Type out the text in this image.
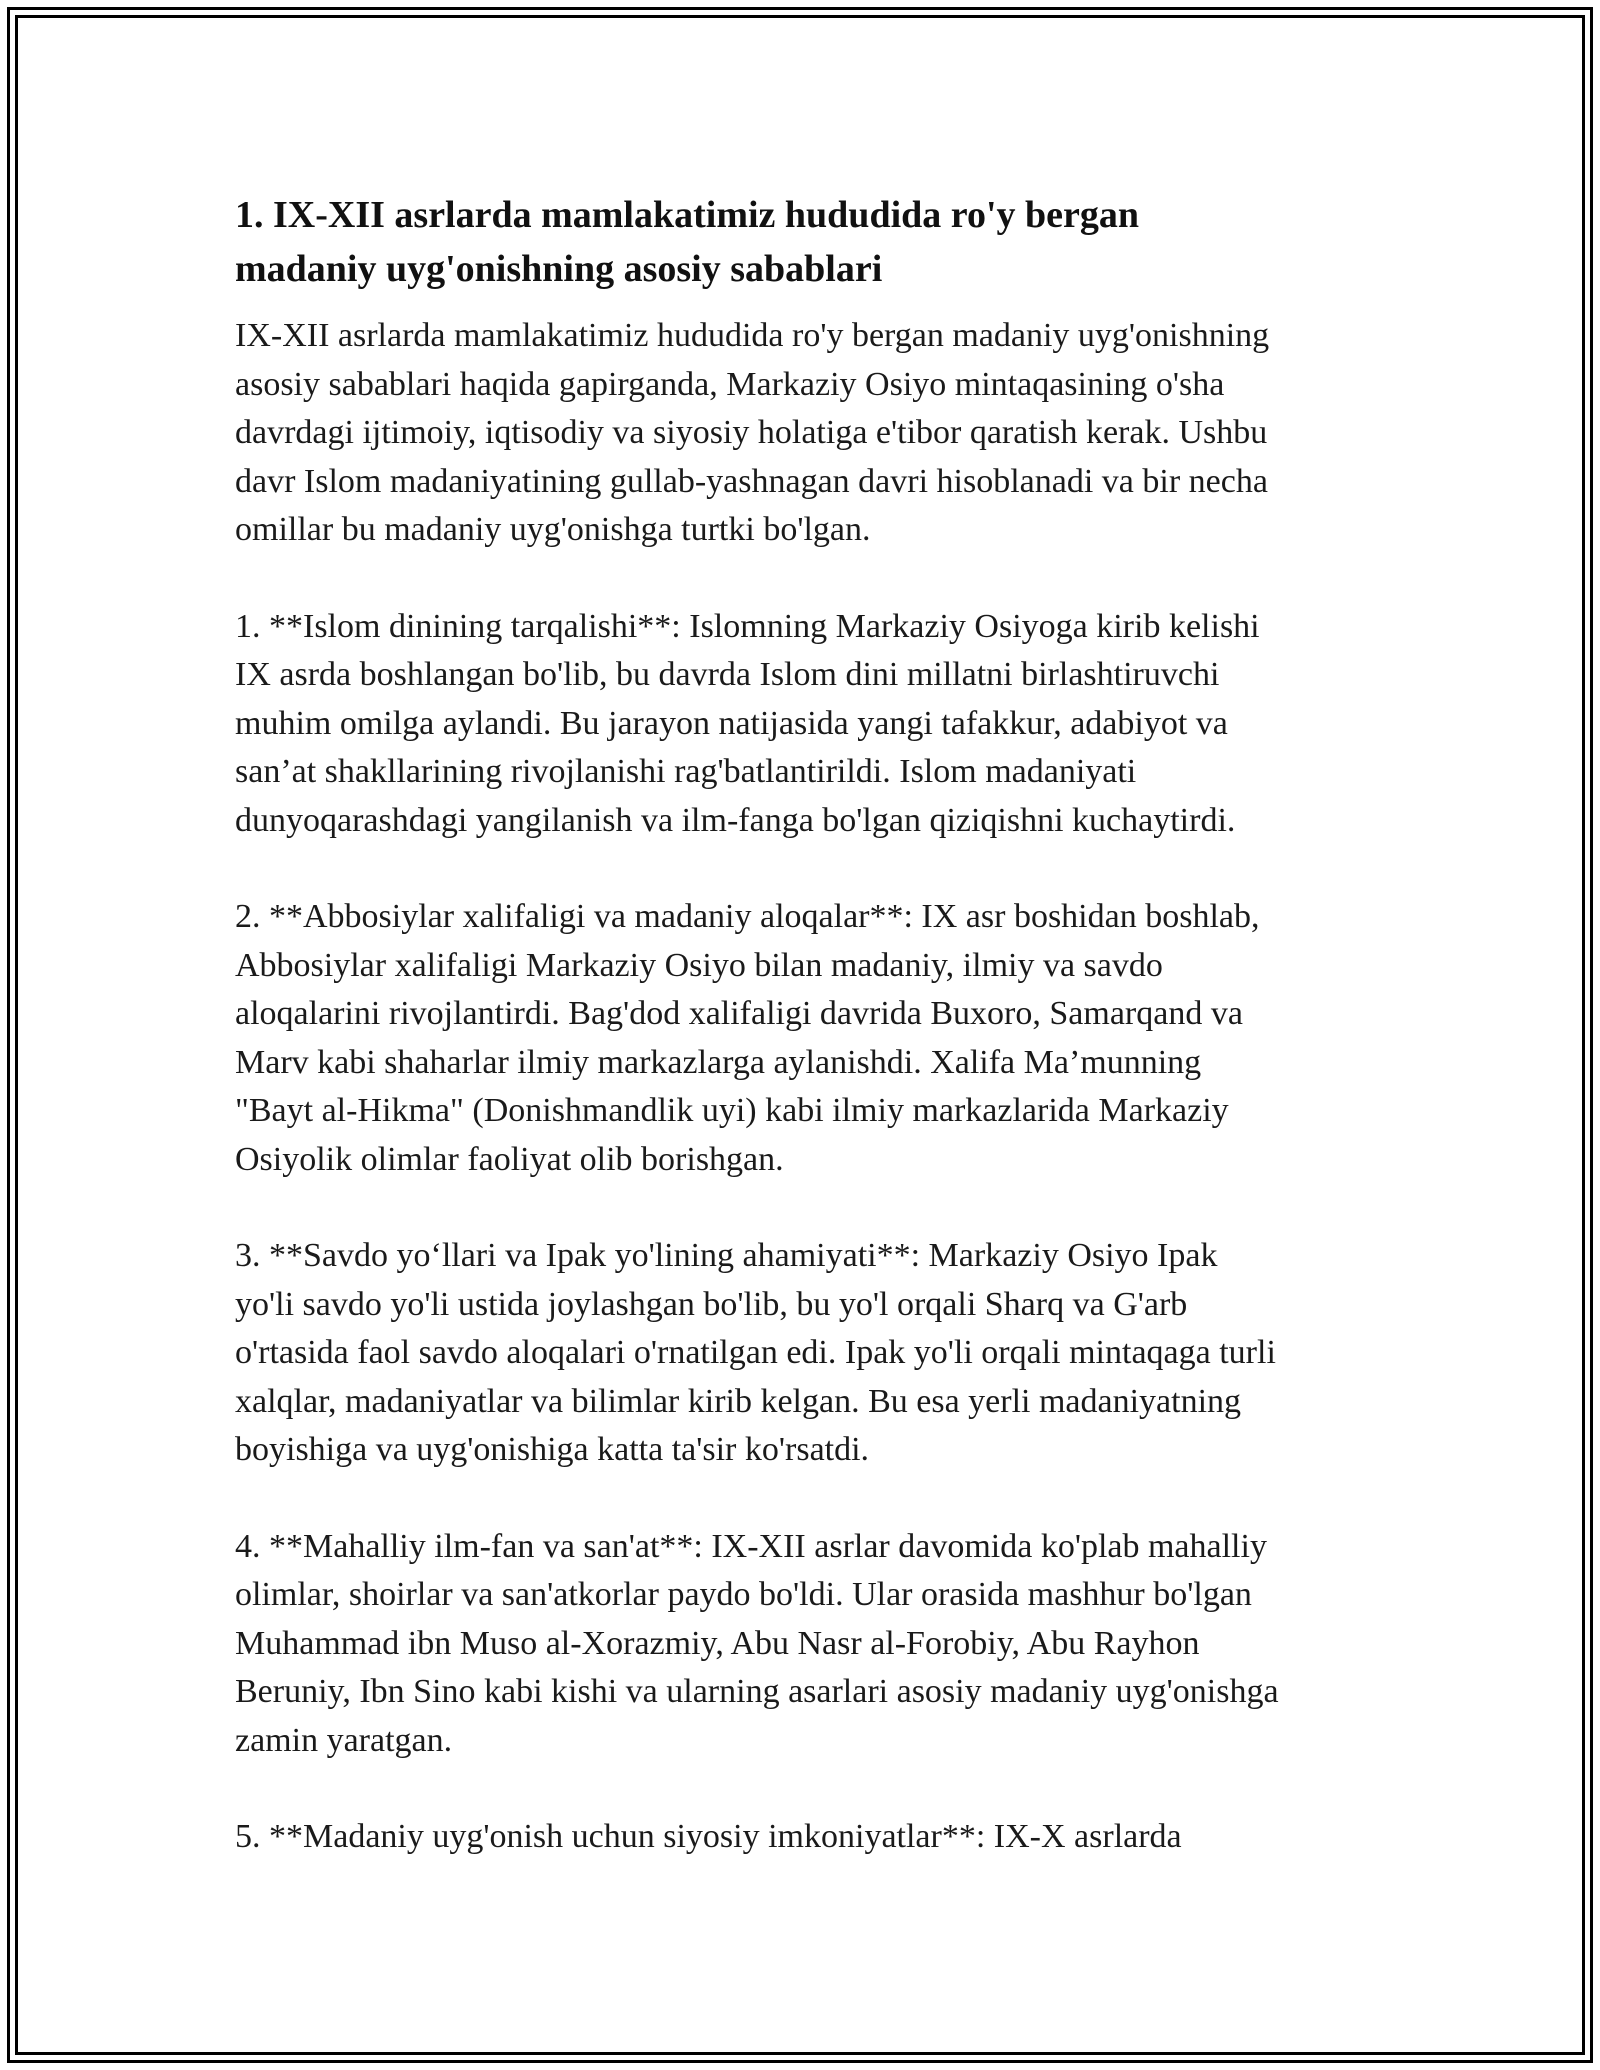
1. IX-XII asrlarda mamlakatimiz hududida ro'y bergan
madaniy uyg'onishning asosiy sabablari

IX-XII asrlarda mamlakatimiz hududida ro'y bergan madaniy uyg'onishning
asosiy sabablari haqida gapirganda, Markaziy Osiyo mintaqasining o'sha
davrdagi ijtimoiy, iqtisodiy va siyosiy holatiga e'tibor qaratish kerak. Ushbu
davr Islom madaniyatining gullab-yashnagan davri hisoblanadi va bir necha
omillar bu madaniy uyg'onishga turtki bo'lgan.

1. **Islom dinining tarqalishi**: Islomning Markaziy Osiyoga kirib kelishi
IX asrda boshlangan bo'lib, bu davrda Islom dini millatni birlashtiruvchi
muhim omilga aylandi. Bu jarayon natijasida yangi tafakkur, adabiyot va
san’at shakllarining rivojlanishi rag'batlantirildi. Islom madaniyati
dunyoqarashdagi yangilanish va ilm-fanga bo'lgan qiziqishni kuchaytirdi.

2. **Abbosiylar xalifaligi va madaniy aloqalar**: IX asr boshidan boshlab,
Abbosiylar xalifaligi Markaziy Osiyo bilan madaniy, ilmiy va savdo
aloqalarini rivojlantirdi. Bag'dod xalifaligi davrida Buxoro, Samarqand va
Marv kabi shaharlar ilmiy markazlarga aylanishdi. Xalifa Ma’munning
"Bayt al-Hikma" (Donishmandlik uyi) kabi ilmiy markazlarida Markaziy
Osiyolik olimlar faoliyat olib borishgan.

3. **Savdo yo‘llari va Ipak yo'lining ahamiyati**: Markaziy Osiyo Ipak
yo'li savdo yo'li ustida joylashgan bo'lib, bu yo'l orqali Sharq va G'arb
o'rtasida faol savdo aloqalari o'rnatilgan edi. Ipak yo'li orqali mintaqaga turli
xalqlar, madaniyatlar va bilimlar kirib kelgan. Bu esa yerli madaniyatning
boyishiga va uyg'onishiga katta ta'sir ko'rsatdi.

4. **Mahalliy ilm-fan va san'at**: IX-XII asrlar davomida ko'plab mahalliy
olimlar, shoirlar va san'atkorlar paydo bo'ldi. Ular orasida mashhur bo'lgan
Muhammad ibn Muso al-Xorazmiy, Abu Nasr al-Forobiy, Abu Rayhon
Beruniy, Ibn Sino kabi kishi va ularning asarlari asosiy madaniy uyg'onishga
zamin yaratgan.

5. **Madaniy uyg'onish uchun siyosiy imkoniyatlar**: IX-X asrlarda
